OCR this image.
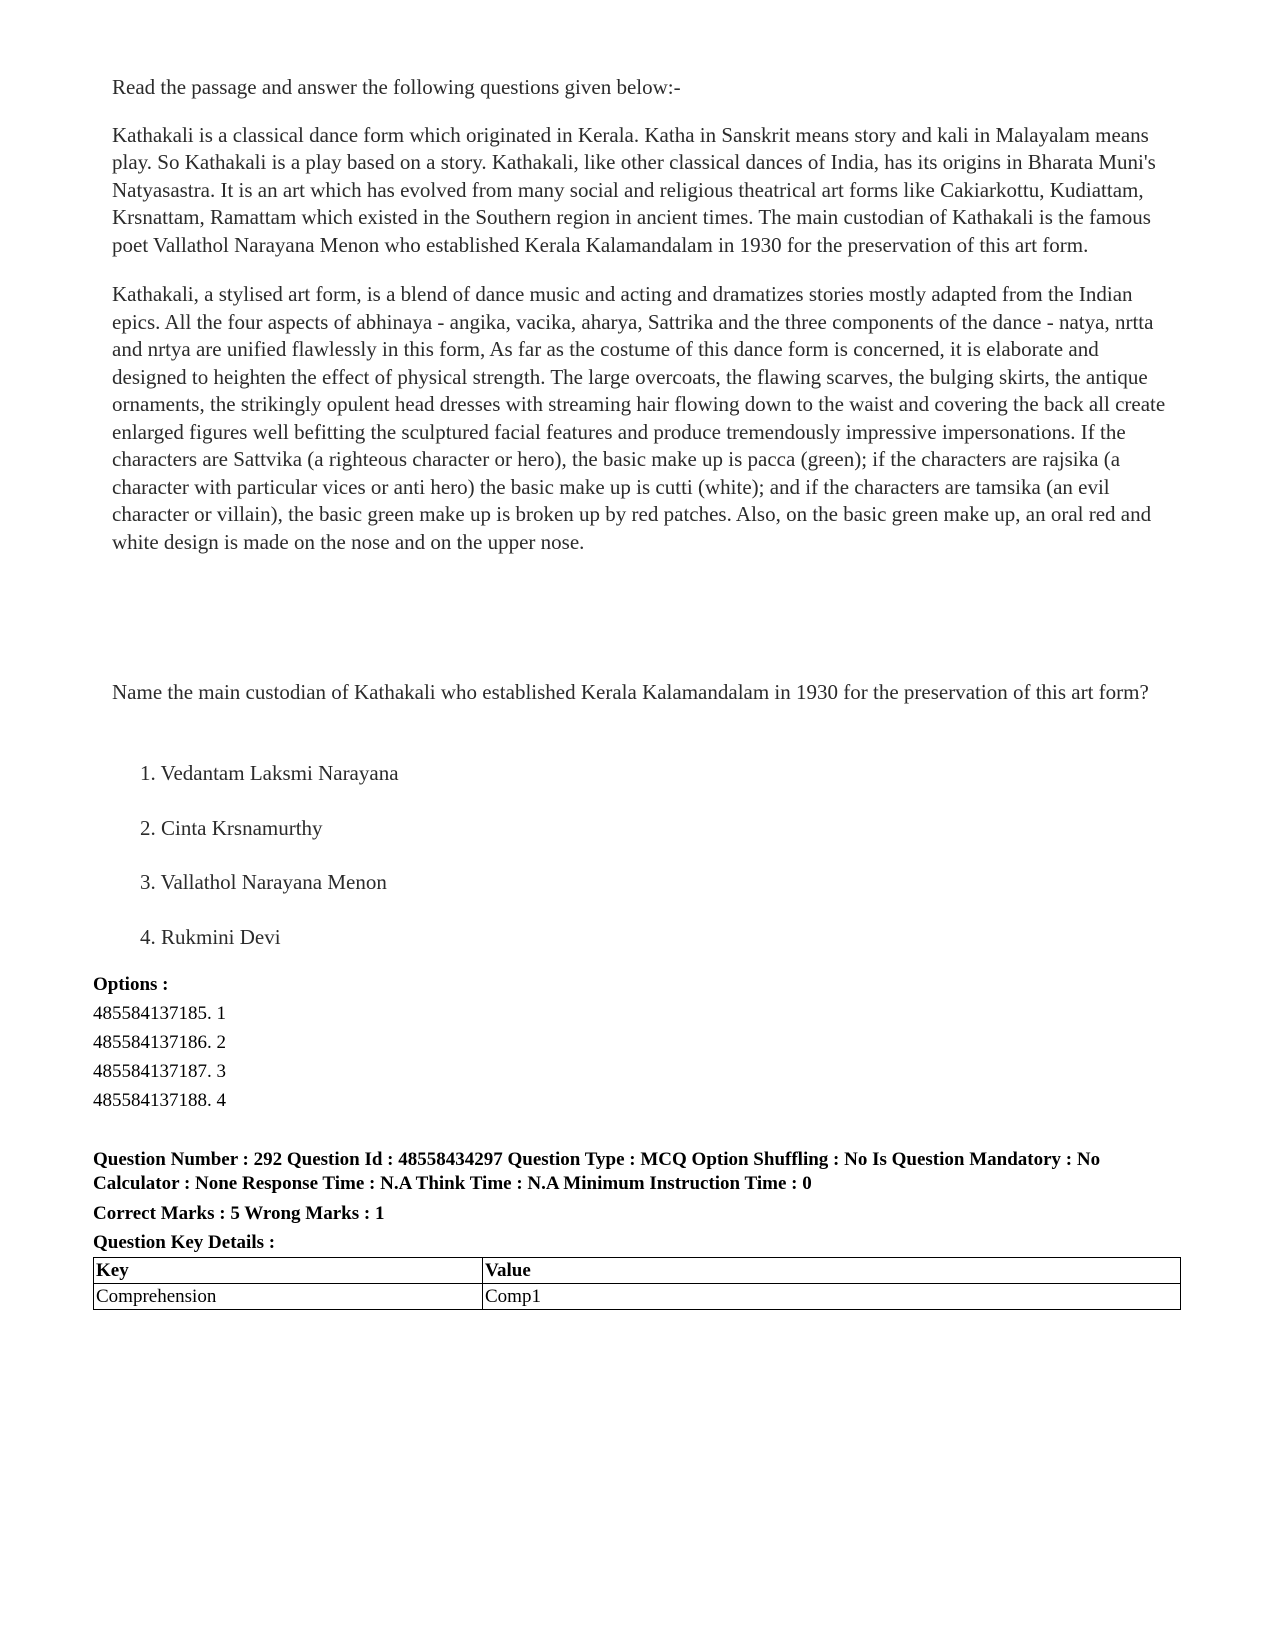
Read the passage and answer the following questions given below:-

Kathakali is a classical dance form which originated in Kerala. Katha in Sanskrit means story and kali in Malayalam means play. So Kathakali is a play based on a story. Kathakali, like other classical dances of India, has its origins in Bharata Muni's Natyasastra. It is an art which has evolved from many social and religious theatrical art forms like Cakiarkottu, Kudiattam, Krsnattam, Ramattam which existed in the Southern region in ancient times. The main custodian of Kathakali is the famous poet Vallathol Narayana Menon who established Kerala Kalamandalam in 1930 for the preservation of this art form.

Kathakali, a stylised art form, is a blend of dance music and acting and dramatizes stories mostly adapted from the Indian epics. All the four aspects of abhinaya - angika, vacika, aharya, Sattrika and the three components of the dance - natya, nrtta and nrtya are unified flawlessly in this form, As far as the costume of this dance form is concerned, it is elaborate and designed to heighten the effect of physical strength. The large overcoats, the flawing scarves, the bulging skirts, the antique ornaments, the strikingly opulent head dresses with streaming hair flowing down to the waist and covering the back all create enlarged figures well befitting the sculptured facial features and produce tremendously impressive impersonations. If the characters are Sattvika (a righteous character or hero), the basic make up is pacca (green); if the characters are rajsika (a character with particular vices or anti hero) the basic make up is cutti (white); and if the characters are tamsika (an evil character or villain), the basic green make up is broken up by red patches. Also, on the basic green make up, an oral red and white design is made on the nose and on the upper nose.

Name the main custodian of Kathakali who established Kerala Kalamandalam in 1930 for the preservation of this art form?

1. Vedantam Laksmi Narayana
2. Cinta Krsnamurthy
3. Vallathol Narayana Menon
4. Rukmini Devi
Options :
485584137185. 1
485584137186. 2
485584137187. 3
485584137188. 4
Question Number : 292 Question Id : 48558434297 Question Type : MCQ Option Shuffling : No Is Question Mandatory : No Calculator : None Response Time : N.A Think Time : N.A Minimum Instruction Time : 0
Correct Marks : 5 Wrong Marks : 1
Question Key Details :
Key	Value
Comprehension	Comp1
